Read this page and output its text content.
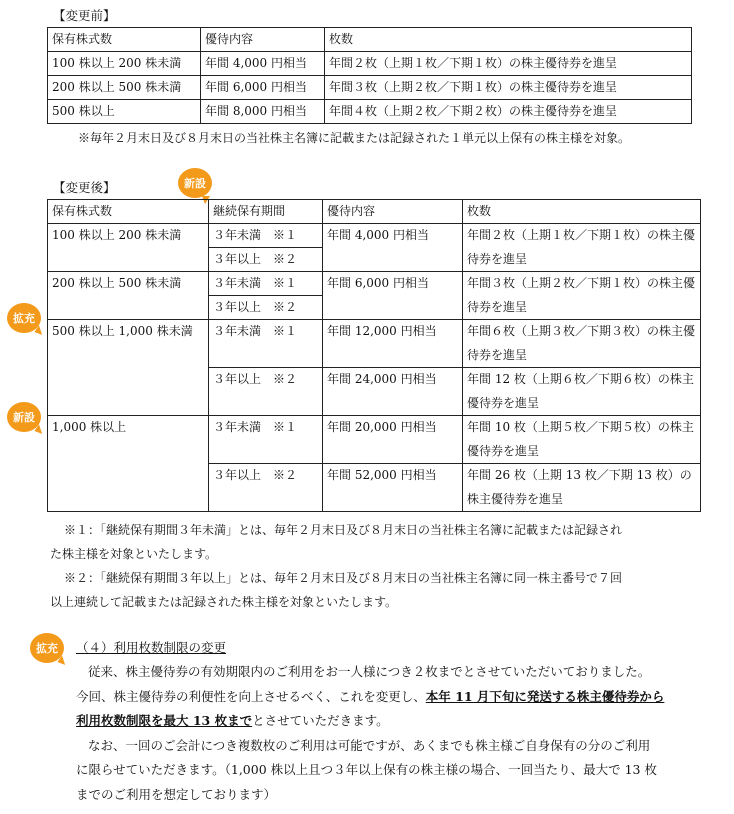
【変更前】
保有株式数	優待内容	枚数
100 株以上 200 株未満	年間 4,000 円相当	年間２枚（上期１枚／下期１枚）の株主優待券を進呈
200 株以上 500 株未満	年間 6,000 円相当	年間３枚（上期２枚／下期１枚）の株主優待券を進呈
500 株以上	年間 8,000 円相当	年間４枚（上期２枚／下期２枚）の株主優待券を進呈
※毎年２月末日及び８月末日の当社株主名簿に記載または記録された１単元以上保有の株主様を対象。
【変更後】	新設
拡充
新設
保有株式数	継続保有期間	優待内容	枚数
100 株以上 200 株未満	３年未満　※１	年間 4,000 円相当	年間２枚（上期１枚／下期１枚）の株主優待券を進呈
	３年以上　※２		
200 株以上 500 株未満	３年未満　※１	年間 6,000 円相当	年間３枚（上期２枚／下期１枚）の株主優待券を進呈
	３年以上　※２		
500 株以上 1,000 株未満	３年未満　※１	年間 12,000 円相当	年間６枚（上期３枚／下期３枚）の株主優待券を進呈
	３年以上　※２	年間 24,000 円相当	年間 12 枚（上期６枚／下期６枚）の株主優待券を進呈
1,000 株以上	３年未満　※１	年間 20,000 円相当	年間 10 枚（上期５枚／下期５枚）の株主優待券を進呈
	３年以上　※２	年間 52,000 円相当	年間 26 枚（上期 13 枚／下期 13 枚）の株主優待券を進呈
※１：「継続保有期間３年未満」とは、毎年２月末日及び８月末日の当社株主名簿に記載または記録され
た株主様を対象といたします。
※２：「継続保有期間３年以上」とは、毎年２月末日及び８月末日の当社株主名簿に同一株主番号で７回
以上連続して記載または記録された株主様を対象といたします。
拡充	（４）利用枚数制限の変更
従来、株主優待券の有効期限内のご利用をお一人様につき２枚までとさせていただいておりました。
今回、株主優待券の利便性を向上させるべく、これを変更し、本年 11 月下旬に発送する株主優待券から
利用枚数制限を最大 13 枚までとさせていただきます。
なお、一回のご会計につき複数枚のご利用は可能ですが、あくまでも株主様ご自身保有の分のご利用
に限らせていただきます。（1,000 株以上且つ３年以上保有の株主様の場合、一回当たり、最大で 13 枚
までのご利用を想定しております）
